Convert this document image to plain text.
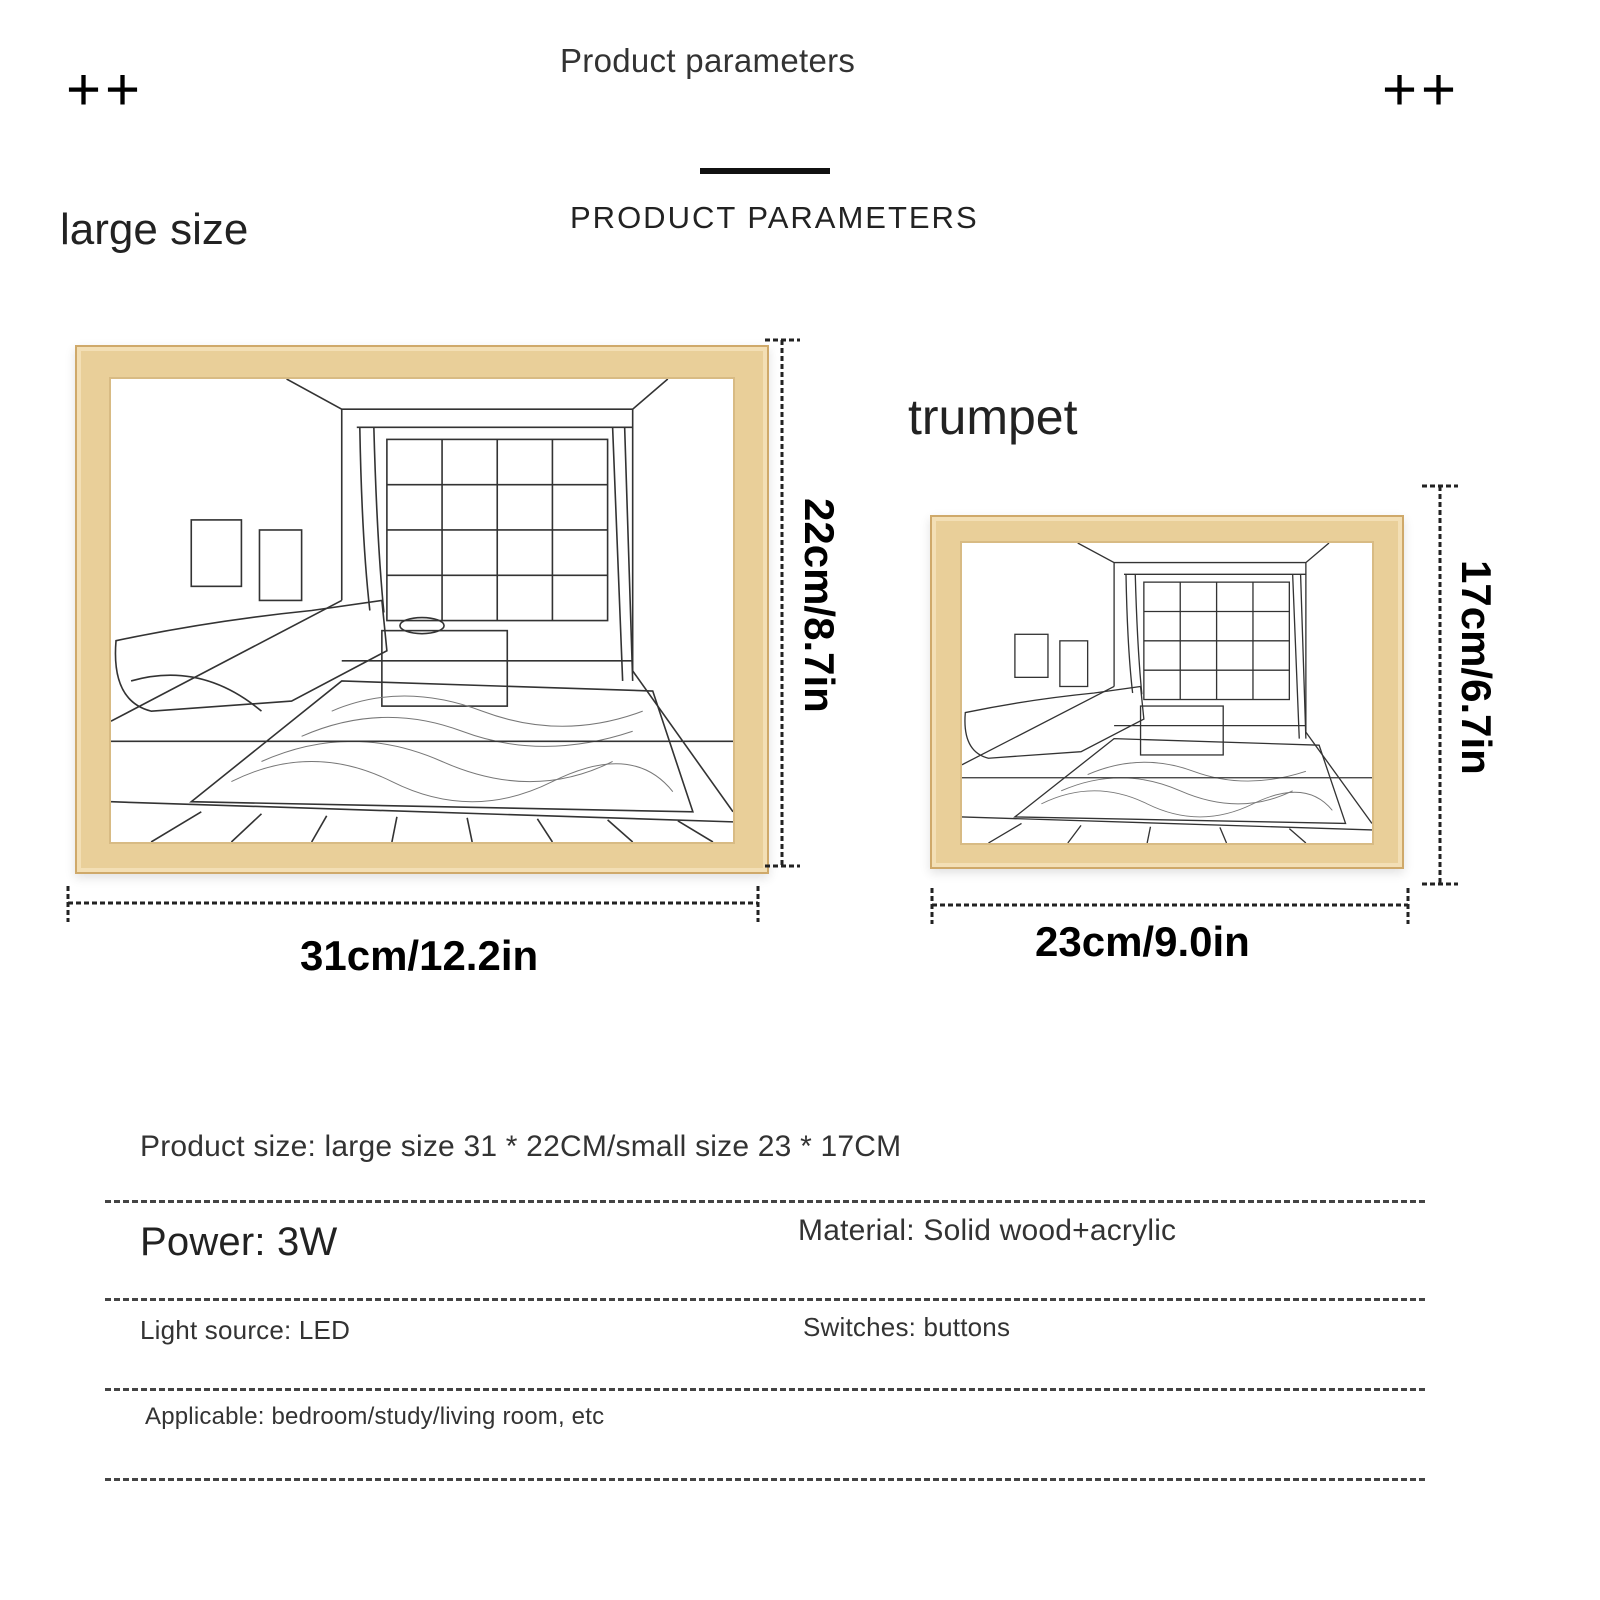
++	++
Product parameters
PRODUCT PARAMETERS
large size
22cm/8.7in
31cm/12.2in
trumpet
17cm/6.7in
23cm/9.0in
Product size: large size 31 * 22CM/small size 23 * 17CM
Power: 3W	Material: Solid wood+acrylic
Light source: LED	Switches: buttons
Applicable: bedroom/study/living room, etc
